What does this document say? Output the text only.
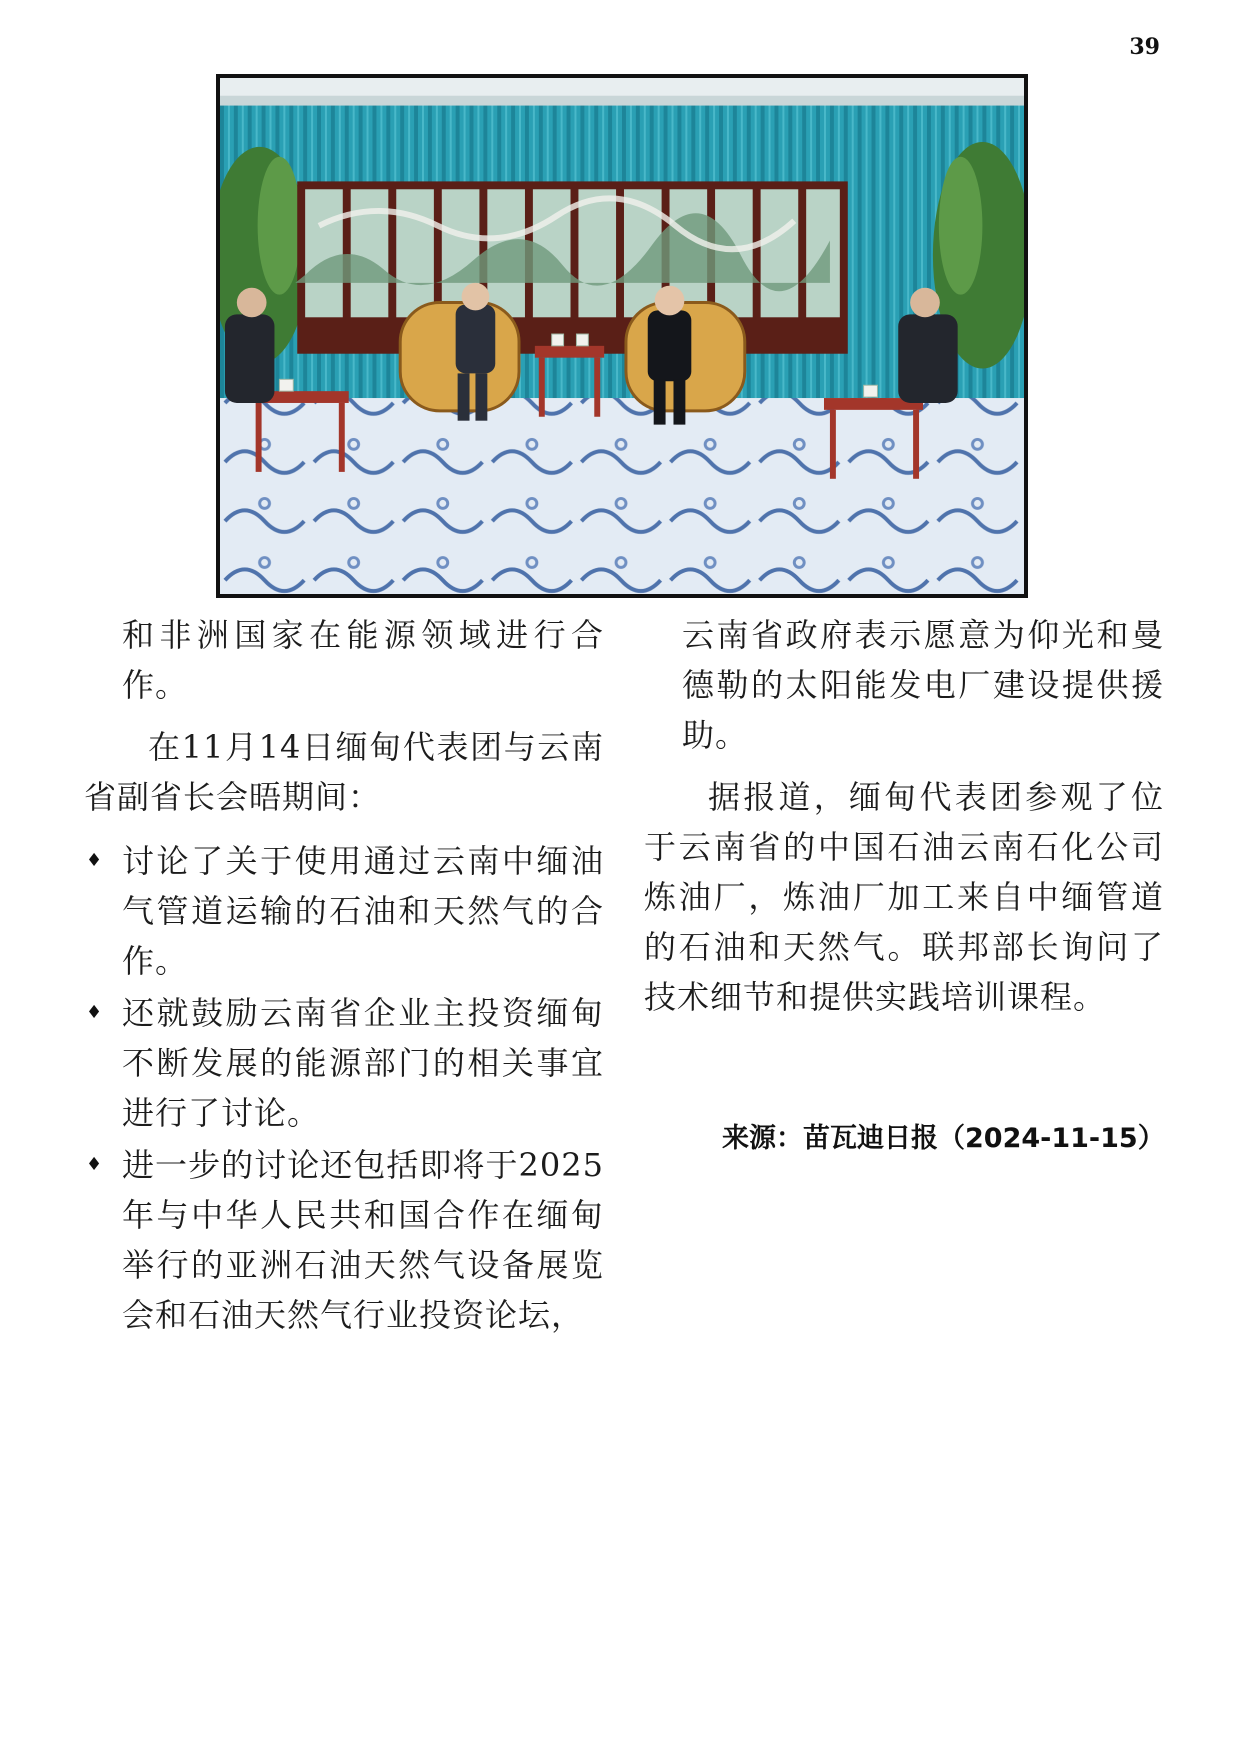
39

和非洲国家在能源领域进行合作。

在11月14日缅甸代表团与云南省副省长会晤期间：

♦ 讨论了关于使用通过云南中缅油气管道运输的石油和天然气的合作。
♦ 还就鼓励云南省企业主投资缅甸不断发展的能源部门的相关事宜进行了讨论。
♦ 进一步的讨论还包括即将于2025年与中华人民共和国合作在缅甸举行的亚洲石油天然气设备展览会和石油天然气行业投资论坛，

云南省政府表示愿意为仰光和曼德勒的太阳能发电厂建设提供援助。

据报道，缅甸代表团参观了位于云南省的中国石油云南石化公司炼油厂，炼油厂加工来自中缅管道的石油和天然气。联邦部长询问了技术细节和提供实践培训课程。

来源：苗瓦迪日报（2024-11-15）
